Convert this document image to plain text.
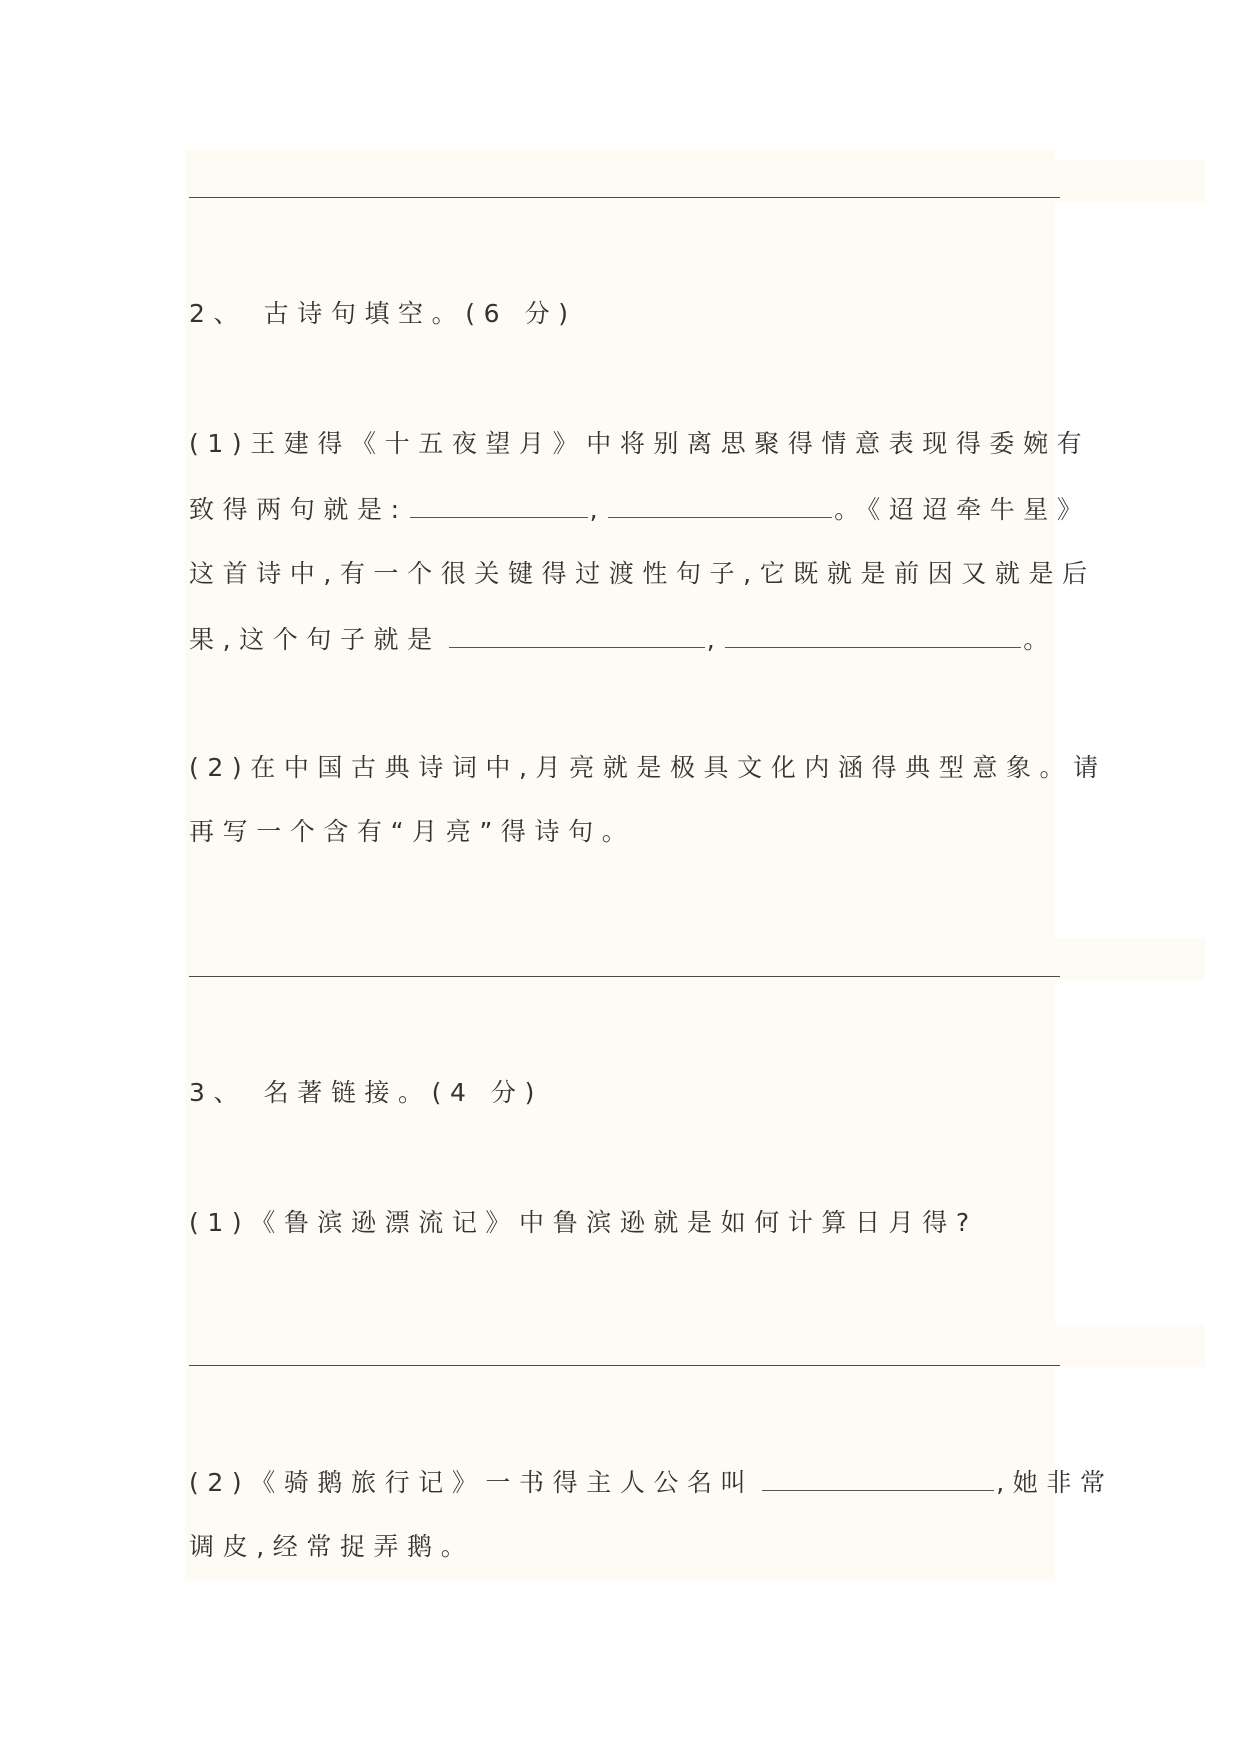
2、 古诗句填空。(6 分)
(1)王建得《十五夜望月》中将别离思聚得情意表现得委婉有
致得两句就是:	,	。《迢迢牵牛星》
这首诗中,有一个很关键得过渡性句子,它既就是前因又就是后
果,这个句子就是	,	。
(2)在中国古典诗词中,月亮就是极具文化内涵得典型意象。请
再写一个含有“月亮”得诗句。
3、 名著链接。(4 分)
(1)《鲁滨逊漂流记》中鲁滨逊就是如何计算日月得?
(2)《骑鹅旅行记》一书得主人公名叫	,她非常
调皮,经常捉弄鹅。
